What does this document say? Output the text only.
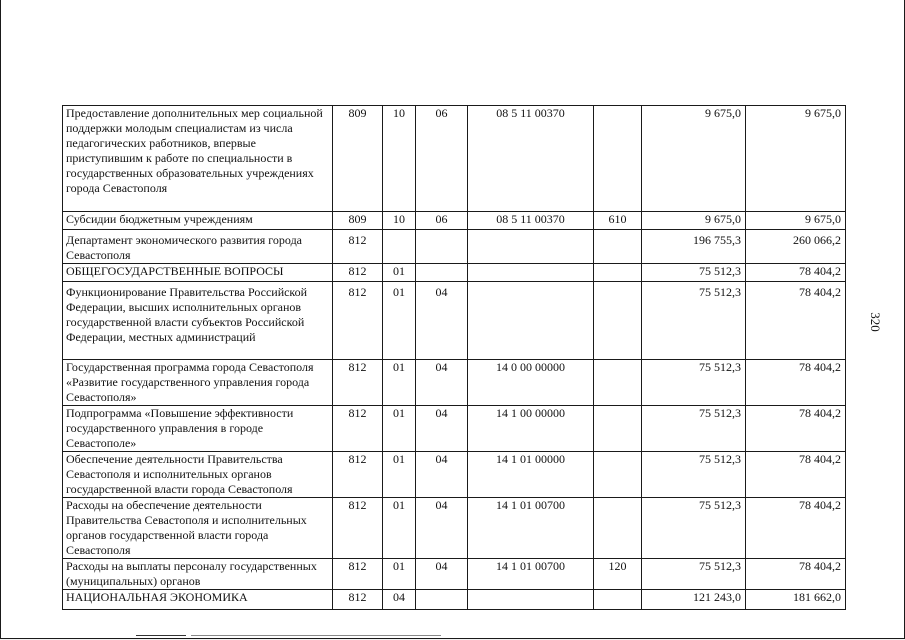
320
Предоставление дополнительных мер социальной поддержки молодым специалистам из числа педагогических работников, впервые приступившим к работе по специальности в государственных образовательных учреждениях города Севастополя	809	10	06	08 5 11 00370		9 675,0	9 675,0
Субсидии бюджетным учреждениям	809	10	06	08 5 11 00370	610	9 675,0	9 675,0
Департамент экономического развития города Севастополя	812					196 755,3	260 066,2
ОБЩЕГОСУДАРСТВЕННЫЕ ВОПРОСЫ	812	01				75 512,3	78 404,2
Функционирование Правительства Российской Федерации, высших исполнительных органов государственной власти субъектов Российской Федерации, местных администраций	812	01	04			75 512,3	78 404,2
Государственная программа города Севастополя «Развитие государственного управления города Севастополя»	812	01	04	14 0 00 00000		75 512,3	78 404,2
Подпрограмма «Повышение эффективности государственного управления в городе Севастополе»	812	01	04	14 1 00 00000		75 512,3	78 404,2
Обеспечение деятельности Правительства Севастополя и исполнительных органов государственной власти города Севастополя	812	01	04	14 1 01 00000		75 512,3	78 404,2
Расходы на обеспечение деятельности Правительства Севастополя и исполнительных органов государственной власти города Севастополя	812	01	04	14 1 01 00700		75 512,3	78 404,2
Расходы на выплаты персоналу государственных (муниципальных) органов	812	01	04	14 1 01 00700	120	75 512,3	78 404,2
НАЦИОНАЛЬНАЯ ЭКОНОМИКА	812	04				121 243,0	181 662,0
